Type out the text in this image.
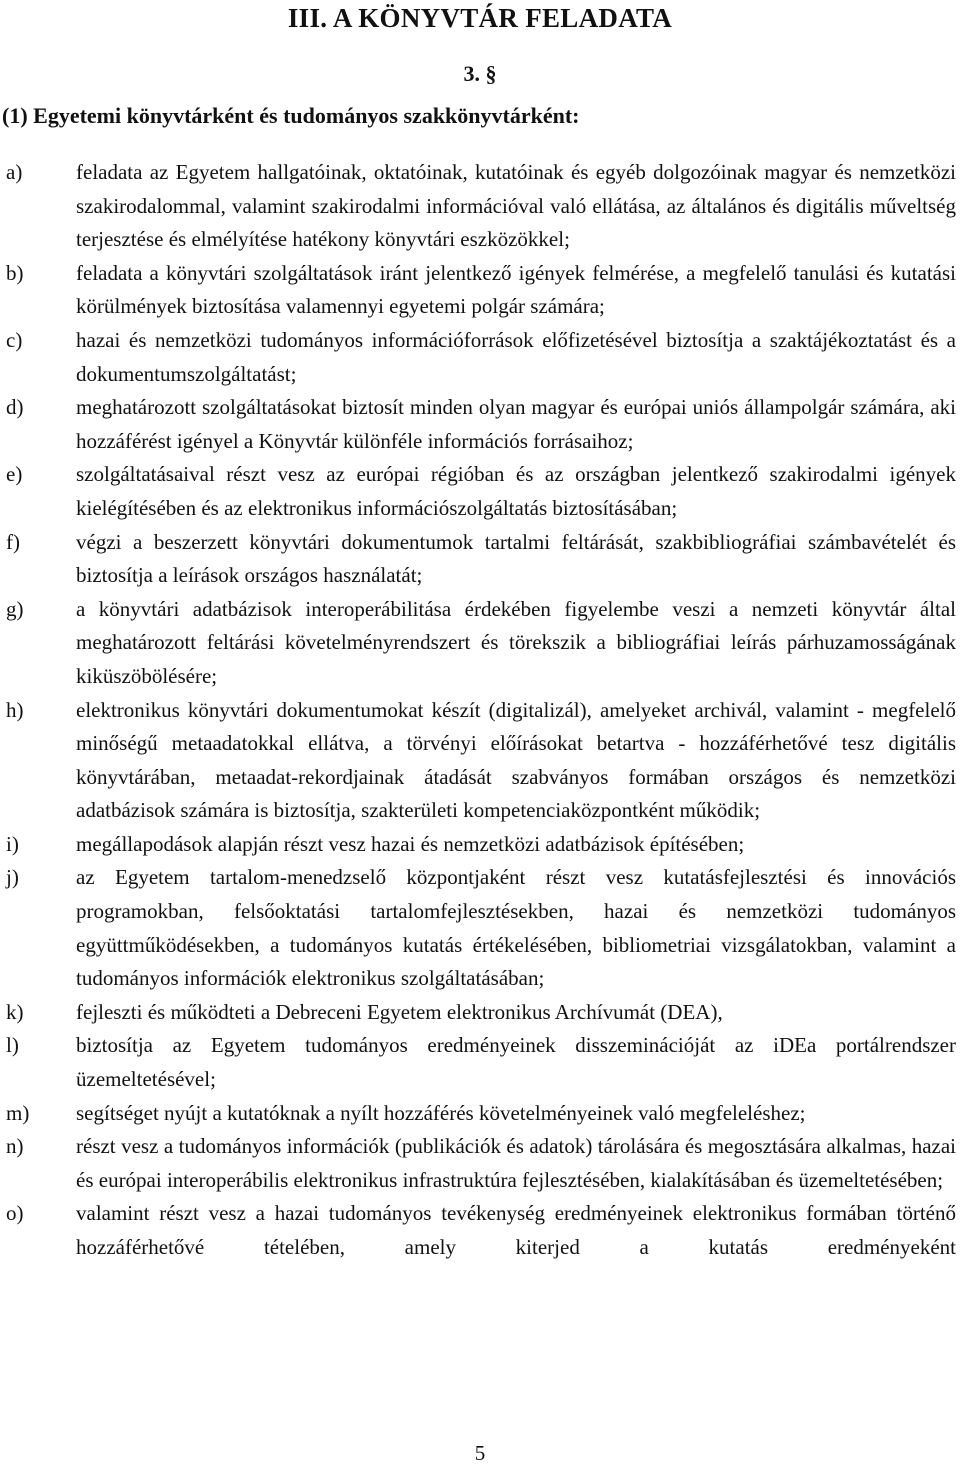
III. A KÖNYVTÁR FELADATA
3. §
(1) Egyetemi könyvtárként és tudományos szakkönyvtárként:
a)	feladata az Egyetem hallgatóinak, oktatóinak, kutatóinak és egyéb dolgozóinak magyar és nemzetközi szakirodalommal, valamint szakirodalmi információval való ellátása, az általános és digitális műveltség terjesztése és elmélyítése hatékony könyvtári eszközökkel;
b)	feladata a könyvtári szolgáltatások iránt jelentkező igények felmérése, a megfelelő tanulási és kutatási körülmények biztosítása valamennyi egyetemi polgár számára;
c)	hazai és nemzetközi tudományos információforrások előfizetésével biztosítja a szaktájékoztatást és a dokumentumszolgáltatást;
d)	meghatározott szolgáltatásokat biztosít minden olyan magyar és európai uniós állampolgár számára, aki hozzáférést igényel a Könyvtár különféle információs forrásaihoz;
e)	szolgáltatásaival részt vesz az európai régióban és az országban jelentkező szakirodalmi igények kielégítésében és az elektronikus információszolgáltatás biztosításában;
f)	végzi a beszerzett könyvtári dokumentumok tartalmi feltárását, szakbibliográfiai számbavételét és biztosítja a leírások országos használatát;
g)	a könyvtári adatbázisok interoperábilitása érdekében figyelembe veszi a nemzeti könyvtár által meghatározott feltárási követelményrendszert és törekszik a bibliográfiai leírás párhuzamosságának kiküszöbölésére;
h)	elektronikus könyvtári dokumentumokat készít (digitalizál), amelyeket archivál, valamint - megfelelő minőségű metaadatokkal ellátva, a törvényi előírásokat betartva - hozzáférhetővé tesz digitális könyvtárában, metaadat-rekordjainak átadását szabványos formában országos és nemzetközi adatbázisok számára is biztosítja, szakterületi kompetenciaközpontként működik;
i)	megállapodások alapján részt vesz hazai és nemzetközi adatbázisok építésében;
j)	az Egyetem tartalom-menedzselő központjaként részt vesz kutatásfejlesztési és innovációs programokban, felsőoktatási tartalomfejlesztésekben, hazai és nemzetközi tudományos együttműködésekben, a tudományos kutatás értékelésében, bibliometriai vizsgálatokban, valamint a tudományos információk elektronikus szolgáltatásában;
k)	fejleszti és működteti a Debreceni Egyetem elektronikus Archívumát (DEA),
l)	biztosítja az Egyetem tudományos eredményeinek disszeminációját az iDEa portálrendszer üzemeltetésével;
m) segítséget nyújt a kutatóknak a nyílt hozzáférés követelményeinek való megfeleléshez;
n)	részt vesz a tudományos információk (publikációk és adatok) tárolására és megosztására alkalmas, hazai és európai interoperábilis elektronikus infrastruktúra fejlesztésében, kialakításában és üzemeltetésében;
o)	valamint részt vesz a hazai tudományos tevékenység eredményeinek elektronikus formában történő hozzáférhetővé tételében, amely kiterjed a kutatás eredményeként
5
